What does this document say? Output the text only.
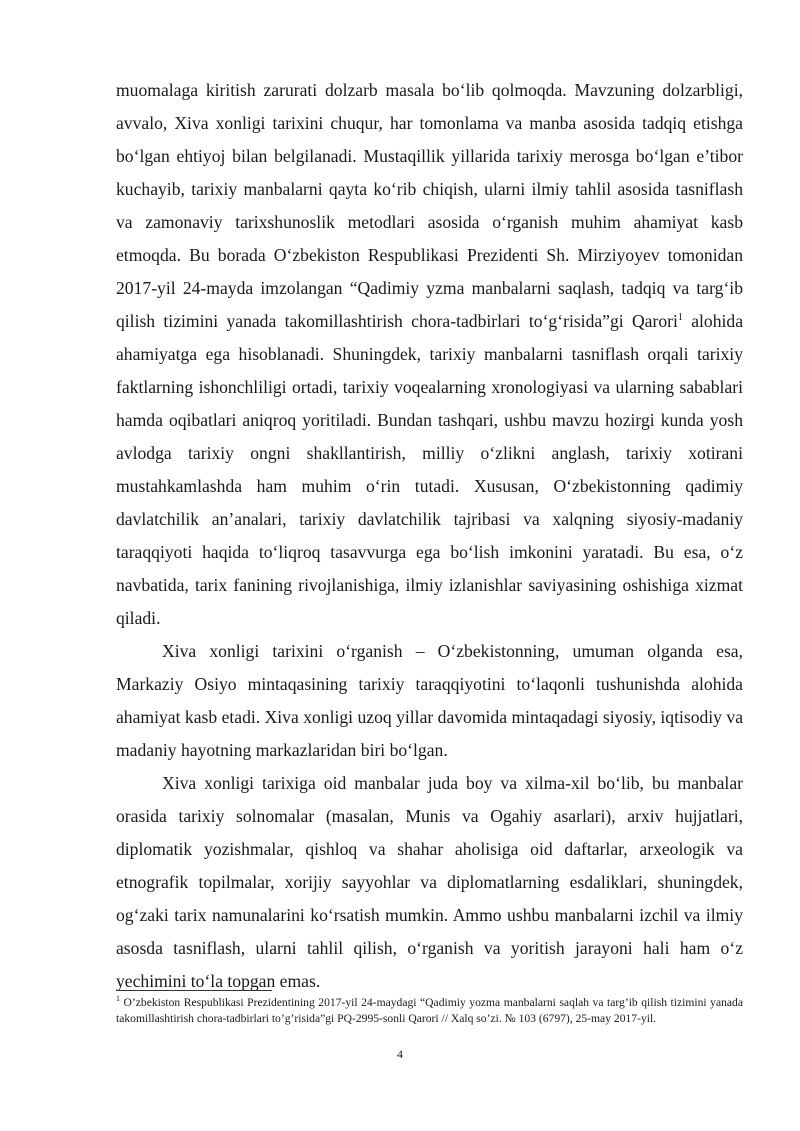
muomalaga kiritish zarurati dolzarb masala bo‘lib qolmoqda. Mavzuning dolzarbligi, avvalo, Xiva xonligi tarixini chuqur, har tomonlama va manba asosida tadqiq etishga bo‘lgan ehtiyoj bilan belgilanadi. Mustaqillik yillarida tarixiy merosga bo‘lgan e’tibor kuchayib, tarixiy manbalarni qayta ko‘rib chiqish, ularni ilmiy tahlil asosida tasniflash va zamonaviy tarixshunoslik metodlari asosida o‘rganish muhim ahamiyat kasb etmoqda. Bu borada O‘zbekiston Respublikasi Prezidenti Sh. Mirziyoyev tomonidan 2017-yil 24-mayda imzolangan “Qadimiy yzma manbalarni saqlash, tadqiq va targ‘ib qilish tizimini yanada takomillashtirish chora-tadbirlari to‘g‘risida”gi Qarori$^1$ alohida ahamiyatga ega hisoblanadi. Shuningdek, tarixiy manbalarni tasniflash orqali tarixiy faktlarning ishonchliligi ortadi, tarixiy voqealarning xronologiyasi va ularning sabablari hamda oqibatlari aniqroq yoritiladi. Bundan tashqari, ushbu mavzu hozirgi kunda yosh avlodga tarixiy ongni shakllantirish, milliy o‘zlikni anglash, tarixiy xotirani mustahkamlashda ham muhim o‘rin tutadi. Xususan, O‘zbekistonning qadimiy davlatchilik an’analari, tarixiy davlatchilik tajribasi va xalqning siyosiy-madaniy taraqqiyoti haqida to‘liqroq tasavvurga ega bo‘lish imkonini yaratadi. Bu esa, o‘z navbatida, tarix fanining rivojlanishiga, ilmiy izlanishlar saviyasining oshishiga xizmat qiladi.

Xiva xonligi tarixini o‘rganish – O‘zbekistonning, umuman olganda esa, Markaziy Osiyo mintaqasining tarixiy taraqqiyotini to‘laqonli tushunishda alohida ahamiyat kasb etadi. Xiva xonligi uzoq yillar davomida mintaqadagi siyosiy, iqtisodiy va madaniy hayotning markazlaridan biri bo‘lgan.

Xiva xonligi tarixiga oid manbalar juda boy va xilma-xil bo‘lib, bu manbalar orasida tarixiy solnomalar (masalan, Munis va Ogahiy asarlari), arxiv hujjatlari, diplomatik yozishmalar, qishloq va shahar aholisiga oid daftarlar, arxeologik va etnografik topilmalar, xorijiy sayyohlar va diplomatlarning esdaliklari, shuningdek, og‘zaki tarix namunalarini ko‘rsatish mumkin. Ammo ushbu manbalarni izchil va ilmiy asosda tasniflash, ularni tahlil qilish, o‘rganish va yoritish jarayoni hali ham o‘z yechimini to‘la topgan emas.

$^1$ O’zbekiston Respublikasi Prezidentining 2017-yil 24-maydagi “Qadimiy yozma manbalarni saqlah va targ’ib qilish tizimini yanada takomillashtirish chora-tadbirlari to’g’risida”gi PQ-2995-sonli Qarori // Xalq so’zi. № 103 (6797), 25-may 2017-yil.

4
